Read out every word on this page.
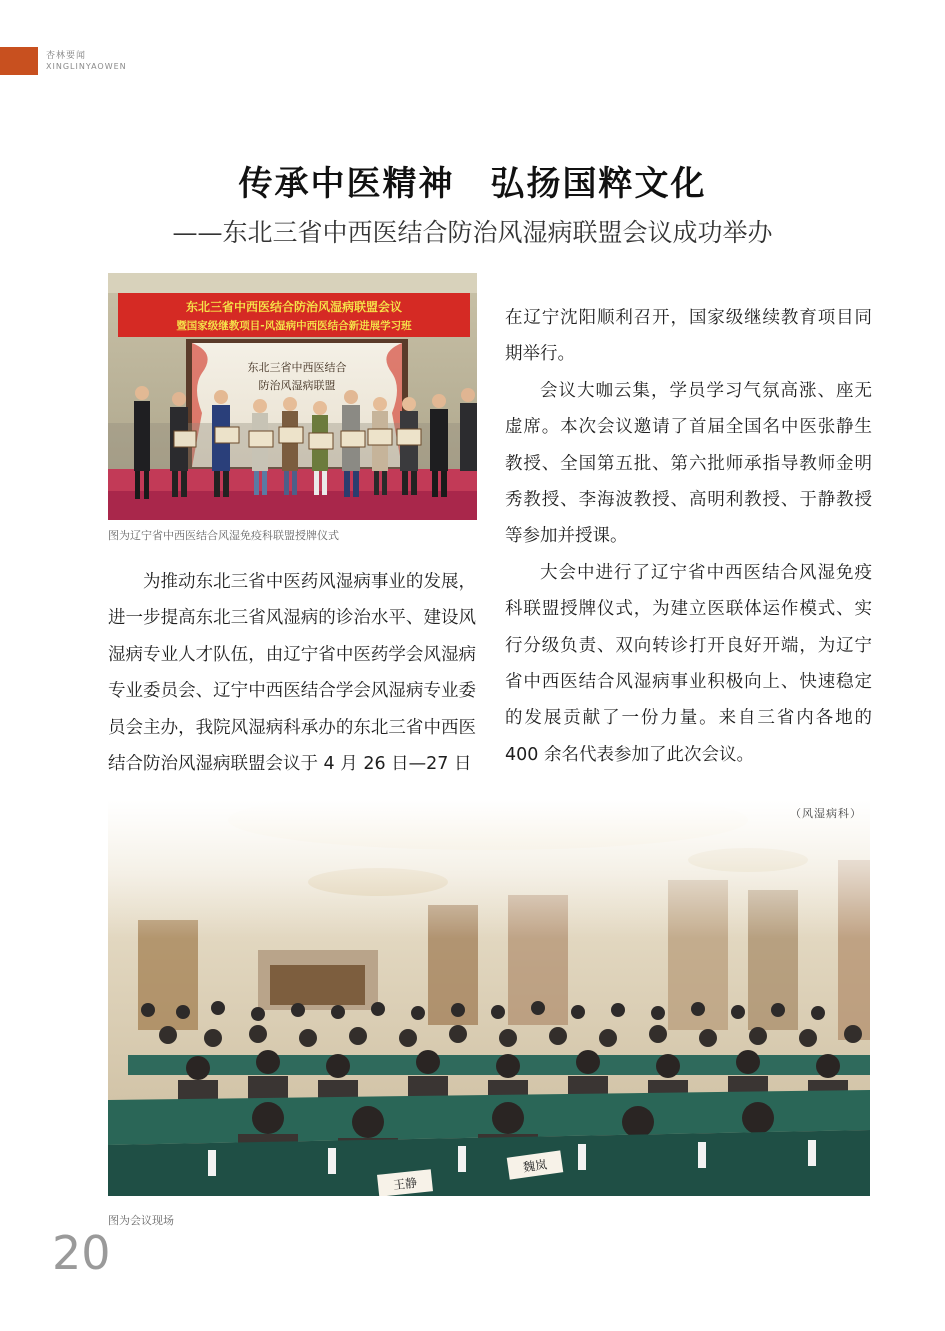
杏林要闻
XINGLINYAOWEN
传承中医精神　弘扬国粹文化
——东北三省中西医结合防治风湿病联盟会议成功举办
东北三省中西医结合防治风湿病联盟会议
暨国家级继教项目-风湿病中西医结合新进展学习班
东北三省中西医结合
防治风湿病联盟
图为辽宁省中西医结合风湿免疫科联盟授牌仪式
为推动东北三省中医药风湿病事业的发展，进一步提高东北三省风湿病的诊治水平、建设风湿病专业人才队伍，由辽宁省中医药学会风湿病专业委员会、辽宁中西医结合学会风湿病专业委员会主办，我院风湿病科承办的东北三省中西医结合防治风湿病联盟会议于 4 月 26 日—27 日

在辽宁沈阳顺利召开，国家级继续教育项目同期举行。

会议大咖云集，学员学习气氛高涨、座无虚席。本次会议邀请了首届全国名中医张静生教授、全国第五批、第六批师承指导教师金明秀教授、李海波教授、高明利教授、于静教授等参加并授课。

大会中进行了辽宁省中西医结合风湿免疫科联盟授牌仪式，为建立医联体运作模式、实行分级负责、双向转诊打开良好开端，为辽宁省中西医结合风湿病事业积极向上、快速稳定的发展贡献了一份力量。来自三省内各地的 400 余名代表参加了此次会议。

（风湿病科）
图为会议现场
20
